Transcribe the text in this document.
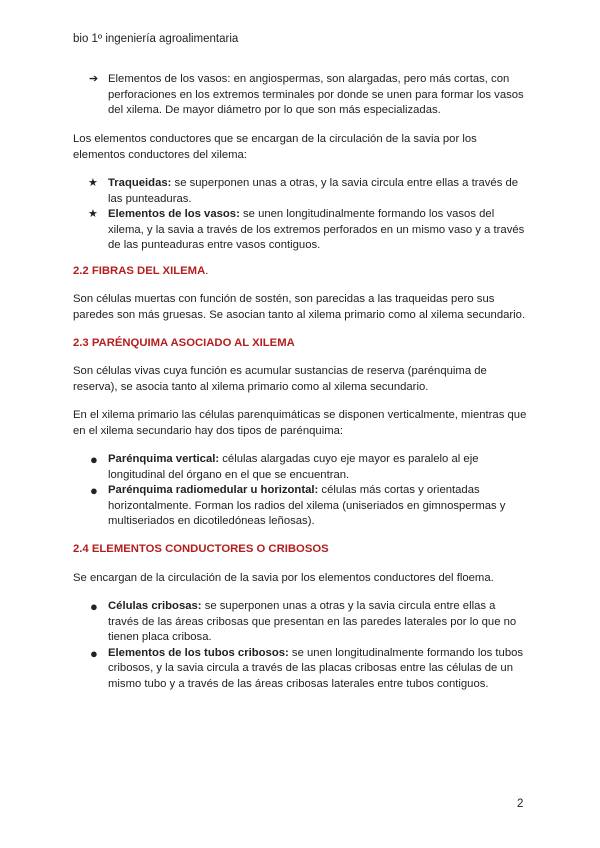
bio 1º ingeniería agroalimentaria
➔ Elementos de los vasos: en angiospermas, son alargadas, pero más cortas, con perforaciones en los extremos terminales por donde se unen para formar los vasos del xilema. De mayor diámetro por lo que son más especializadas.
Los elementos conductores que se encargan de la circulación de la savia por los elementos conductores del xilema:
★ Traqueidas: se superponen unas a otras, y la savia circula entre ellas a través de las punteaduras.
★ Elementos de los vasos: se unen longitudinalmente formando los vasos del xilema, y la savia a través de los extremos perforados en un mismo vaso y a través de las punteaduras entre vasos contiguos.
2.2 FIBRAS DEL XILEMA.
Son células muertas con función de sostén, son parecidas a las traqueidas pero sus paredes son más gruesas. Se asocian tanto al xilema primario como al xilema secundario.
2.3 PARÉNQUIMA ASOCIADO AL XILEMA
Son células vivas cuya función es acumular sustancias de reserva (parénquima de reserva), se asocia tanto al xilema primario como al xilema secundario.
En el xilema primario las células parenquimáticas se disponen verticalmente, mientras que en el xilema secundario hay dos tipos de parénquima:
● Parénquima vertical: células alargadas cuyo eje mayor es paralelo al eje longitudinal del órgano en el que se encuentran.
● Parénquima radiomedular u horizontal: células más cortas y orientadas horizontalmente. Forman los radios del xilema (uniseriados en gimnospermas y multiseriados en dicotiledóneas leñosas).
2.4 ELEMENTOS CONDUCTORES O CRIBOSOS
Se encargan de la circulación de la savia por los elementos conductores del floema.
● Células cribosas: se superponen unas a otras y la savia circula entre ellas a través de las áreas cribosas que presentan en las paredes laterales por lo que no tienen placa cribosa.
● Elementos de los tubos cribosos: se unen longitudinalmente formando los tubos cribosos, y la savia circula a través de las placas cribosas entre las células de un mismo tubo y a través de las áreas cribosas laterales entre tubos contiguos.
2
